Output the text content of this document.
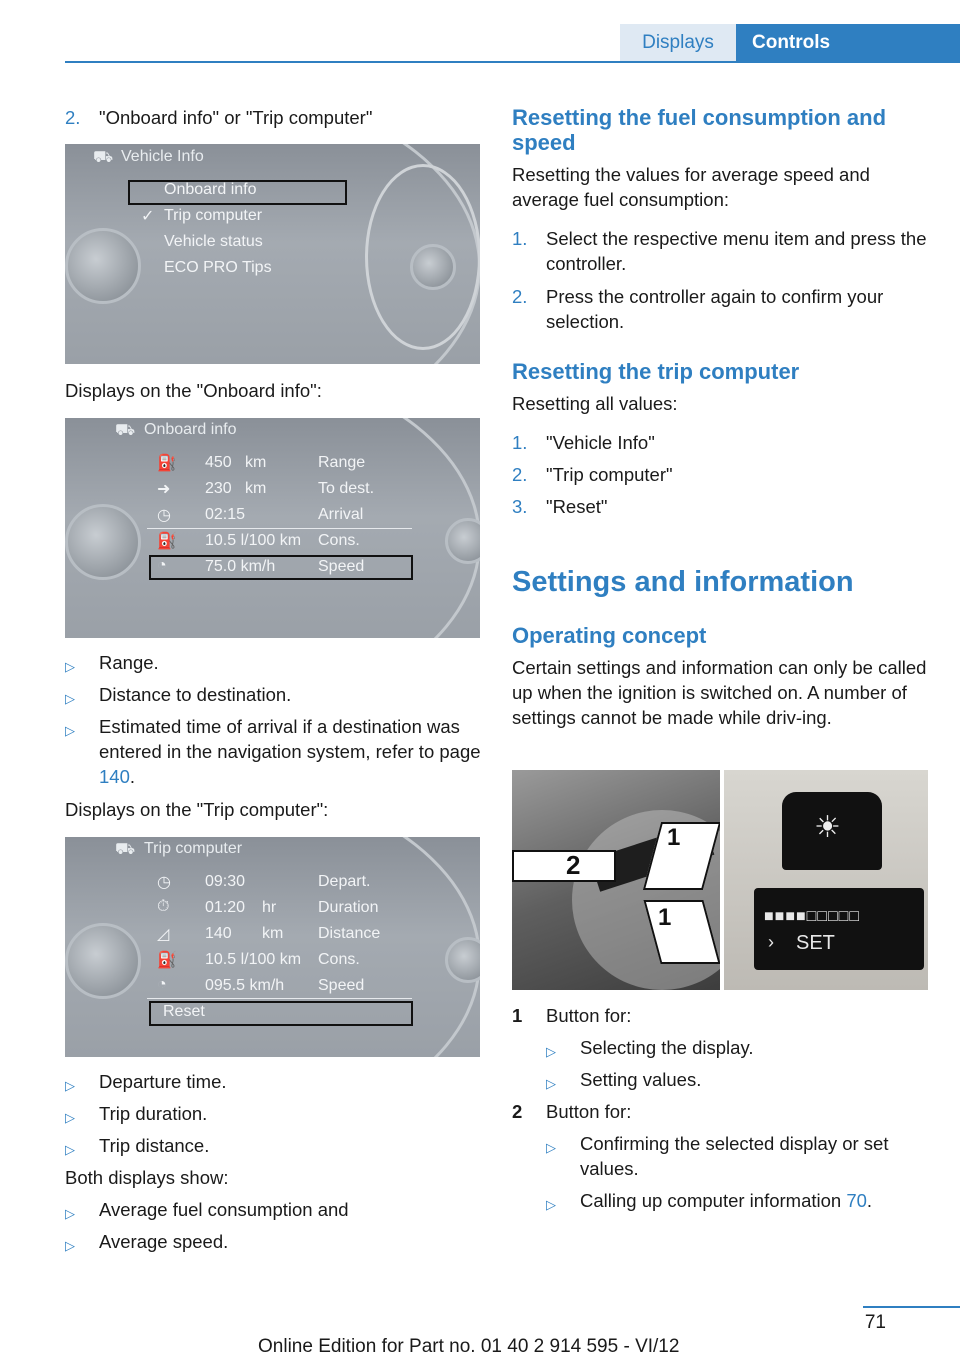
Displays	Controls
2. "Onboard info" or "Trip computer"
⛟ Vehicle Info
Onboard info
✓ Trip computer
Vehicle status
ECO PRO Tips

Displays on the "Onboard info":

⛟ Onboard info
⛽ 450 km	Range
➜ 230 km	To dest.
◷ 02:15	Arrival
⛽ 10.5 l/100 km Cons.
◔ 75.0 km/h	Speed
▷ Range.
▷ Distance to destination.
▷ Estimated time of arrival if a destination was entered in the navigation system, refer to page 140.

Displays on the "Trip computer":

⛟ Trip computer
◷ 09:30	Depart.
⏱ 01:20 hr	Duration
◿ 140 km Distance
⛽ 10.5 l/100 km Cons.
◔ 095.5 km/h Speed
Reset
▷ Departure time.
▷ Trip duration.
▷ Trip distance.
Both displays show:
▷ Average fuel consumption and
▷ Average speed.
Resetting the fuel consumption and speed

Resetting the values for average speed and average fuel consumption:

1. Select the respective menu item and press the controller.
2. Press the controller again to confirm your selection.
Resetting the trip computer

Resetting all values:

1. "Vehicle Info"
2. "Trip computer"
3. "Reset"
Settings and information
Operating concept

Certain settings and information can only be called up when the ignition is switched on. A number of settings cannot be made while driv-ing.

2
1
1
☀
■■■■□□□□□
› SET
1 Button for:
▷ Selecting the display.
▷ Setting values.
2 Button for:
▷ Confirming the selected display or set values.
▷ Calling up computer information 70.
71
Online Edition for Part no. 01 40 2 914 595 - VI/12
Seite 71
